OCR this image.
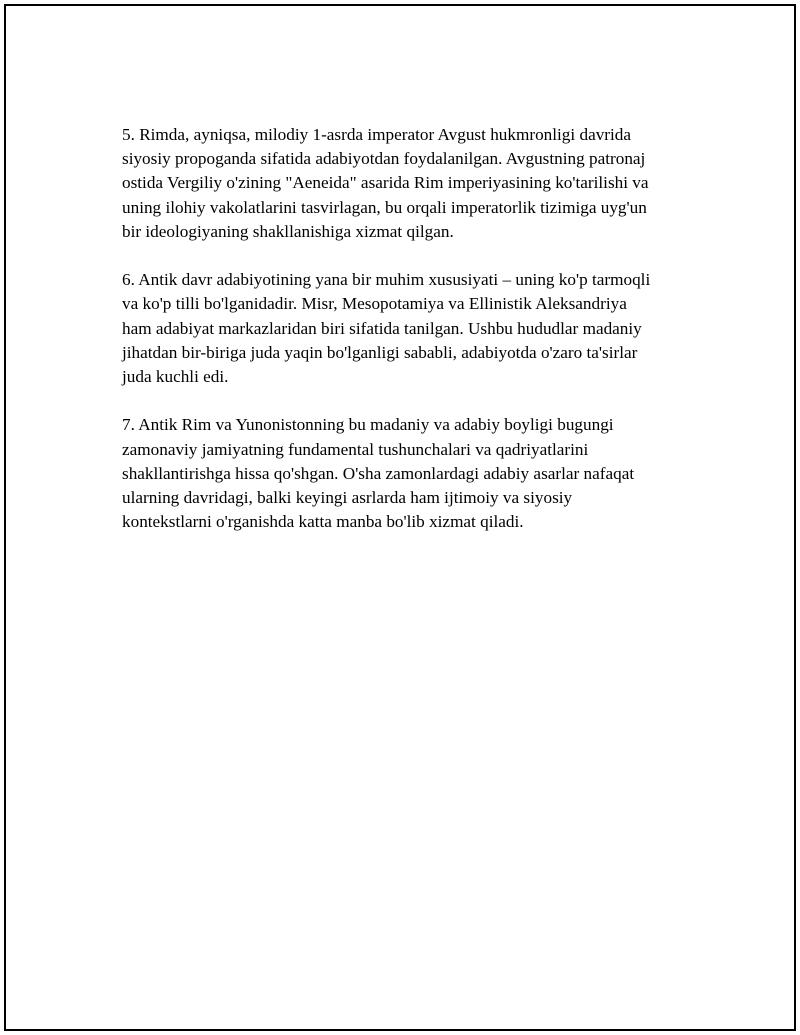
5. Rimda, ayniqsa, milodiy 1-asrda imperator Avgust hukmronligi davrida
siyosiy propoganda sifatida adabiyotdan foydalanilgan. Avgustning patronaj
ostida Vergiliy o'zining "Aeneida" asarida Rim imperiyasining ko'tarilishi va
uning ilohiy vakolatlarini tasvirlagan, bu orqali imperatorlik tizimiga uyg'un
bir ideologiyaning shakllanishiga xizmat qilgan.

6. Antik davr adabiyotining yana bir muhim xususiyati – uning ko'p tarmoqli
va ko'p tilli bo'lganidadir. Misr, Mesopotamiya va Ellinistik Aleksandriya
ham adabiyat markazlaridan biri sifatida tanilgan. Ushbu hududlar madaniy
jihatdan bir-biriga juda yaqin bo'lganligi sababli, adabiyotda o'zaro ta'sirlar
juda kuchli edi.

7. Antik Rim va Yunonistonning bu madaniy va adabiy boyligi bugungi
zamonaviy jamiyatning fundamental tushunchalari va qadriyatlarini
shakllantirishga hissa qo'shgan. O'sha zamonlardagi adabiy asarlar nafaqat
ularning davridagi, balki keyingi asrlarda ham ijtimoiy va siyosiy
kontekstlarni o'rganishda katta manba bo'lib xizmat qiladi.
